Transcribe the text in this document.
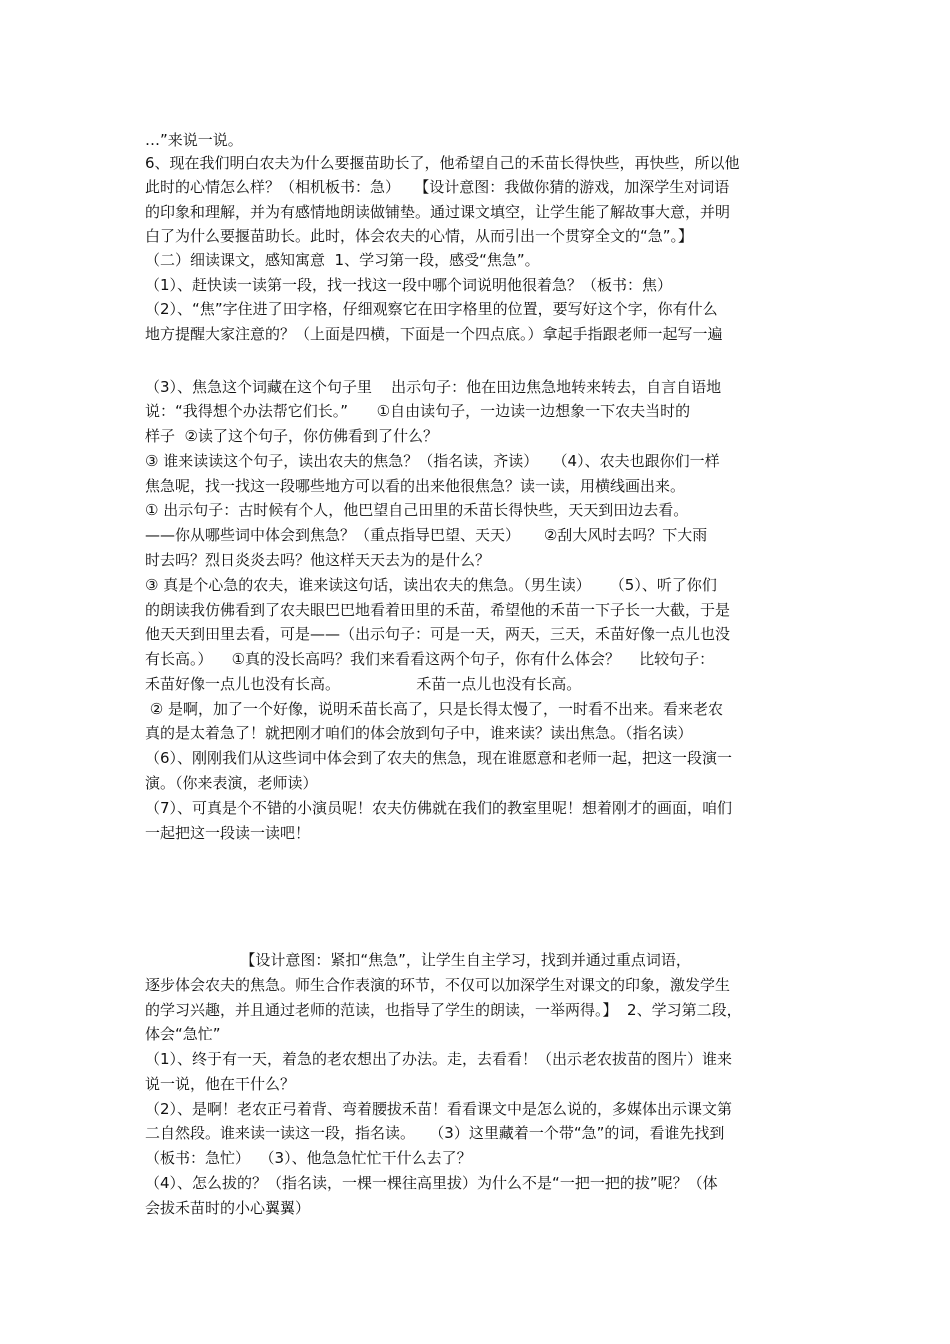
…”来说一说。
6、现在我们明白农夫为什么要揠苗助长了，他希望自己的禾苗长得快些，再快些，所以他
此时的心情怎么样？（相机板书：急）   【设计意图：我做你猜的游戏，加深学生对词语
的印象和理解，并为有感情地朗读做铺垫。通过课文填空，让学生能了解故事大意，并明
白了为什么要揠苗助长。此时，体会农夫的心情，从而引出一个贯穿全文的“急”。】
（二）细读课文，感知寓意  1、学习第一段，感受“焦急”。
（1）、赶快读一读第一段，找一找这一段中哪个词说明他很着急？（板书：焦）
（2）、“焦”字住进了田字格，仔细观察它在田字格里的位置，要写好这个字，你有什么
地方提醒大家注意的？（上面是四横，下面是一个四点底。）拿起手指跟老师一起写一遍
（3）、焦急这个词藏在这个句子里    出示句子：他在田边焦急地转来转去，自言自语地
说：“我得想个办法帮它们长。”      ①自由读句子，一边读一边想象一下农夫当时的
样子  ②读了这个句子，你仿佛看到了什么？
③ 谁来读读这个句子，读出农夫的焦急？（指名读，齐读）   （4）、农夫也跟你们一样
焦急呢，找一找这一段哪些地方可以看的出来他很焦急？读一读，用横线画出来。
① 出示句子：古时候有个人，他巴望自己田里的禾苗长得快些，天天到田边去看。
——你从哪些词中体会到焦急？（重点指导巴望、天天）     ②刮大风时去吗？下大雨
时去吗？烈日炎炎去吗？他这样天天去为的是什么？
③ 真是个心急的农夫，谁来读这句话，读出农夫的焦急。（男生读）    （5）、听了你们
的朗读我仿佛看到了农夫眼巴巴地看着田里的禾苗，希望他的禾苗一下子长一大截，于是
他天天到田里去看，可是——（出示句子：可是一天，两天，三天，禾苗好像一点儿也没
有长高。）    ①真的没长高吗？我们来看看这两个句子，你有什么体会？    比较句子：
禾苗好像一点儿也没有长高。                禾苗一点儿也没有长高。
② 是啊，加了一个好像，说明禾苗长高了，只是长得太慢了，一时看不出来。看来老农
真的是太着急了！就把刚才咱们的体会放到句子中，谁来读？读出焦急。（指名读）
（6）、刚刚我们从这些词中体会到了农夫的焦急，现在谁愿意和老师一起，把这一段演一
演。（你来表演，老师读）
（7）、可真是个不错的小演员呢！农夫仿佛就在我们的教室里呢！想着刚才的画面，咱们
一起把这一段读一读吧！
【设计意图：紧扣“焦急”，让学生自主学习，找到并通过重点词语，
逐步体会农夫的焦急。师生合作表演的环节，不仅可以加深学生对课文的印象，激发学生
的学习兴趣，并且通过老师的范读，也指导了学生的朗读，一举两得。】  2、学习第二段，
体会“急忙”
（1）、终于有一天，着急的老农想出了办法。走，去看看！（出示老农拔苗的图片）谁来
说一说，他在干什么？
（2）、是啊！老农正弓着背、弯着腰拔禾苗！看看课文中是怎么说的，多媒体出示课文第
二自然段。谁来读一读这一段，指名读。   （3）这里藏着一个带“急”的词，看谁先找到
（板书：急忙）  （3）、他急急忙忙干什么去了？
（4）、怎么拔的？（指名读，一棵一棵往高里拔）为什么不是“一把一把的拔”呢？（体
会拔禾苗时的小心翼翼）
